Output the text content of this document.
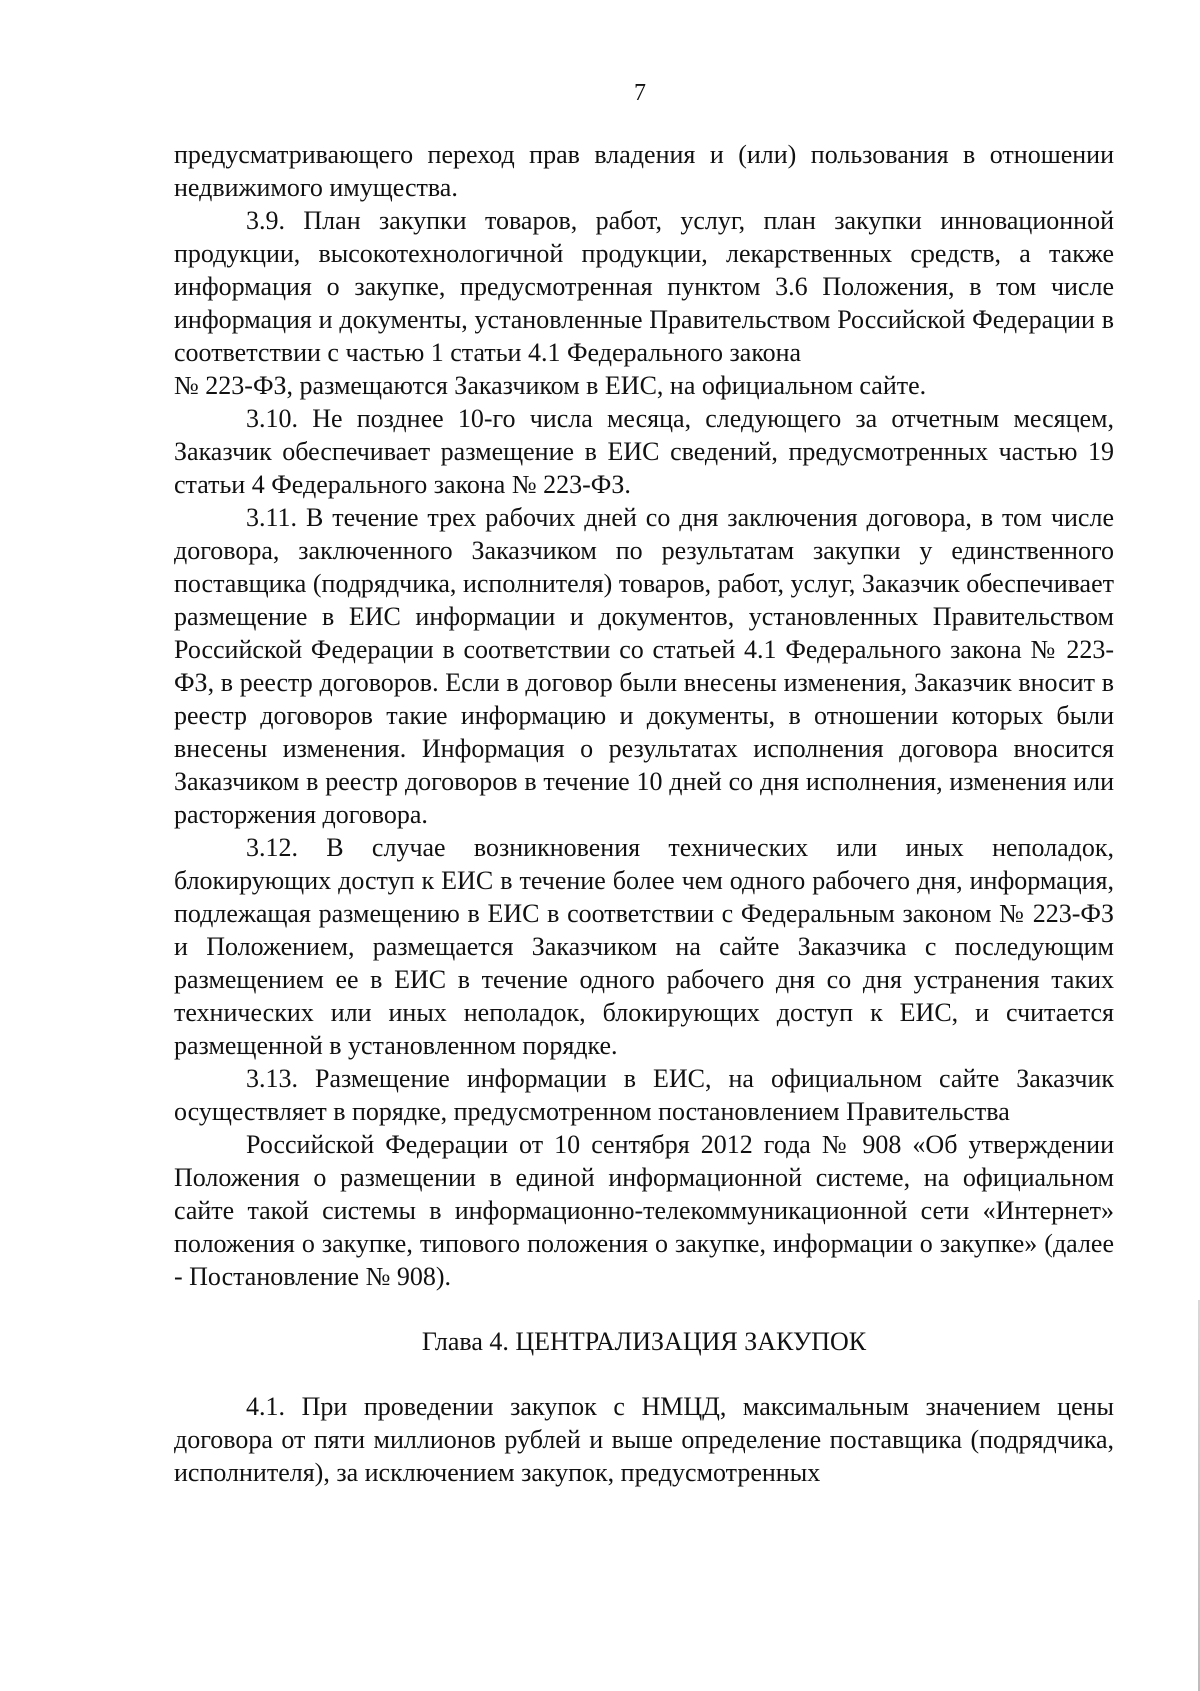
7

предусматривающего переход прав владения и (или) пользования в отношении недвижимого имущества.

3.9. План закупки товаров, работ, услуг, план закупки инновационной продукции, высокотехнологичной продукции, лекарственных средств, а также информация о закупке, предусмотренная пунктом 3.6 Положения, в том числе информация и документы, установленные Правительством Российской Федерации в соответствии с частью 1 статьи 4.1 Федерального закона

№ 223-ФЗ, размещаются Заказчиком в ЕИС, на официальном сайте.

3.10. Не позднее 10-го числа месяца, следующего за отчетным месяцем, Заказчик обеспечивает размещение в ЕИС сведений, предусмотренных частью 19 статьи 4 Федерального закона № 223-ФЗ.

3.11. В течение трех рабочих дней со дня заключения договора, в том числе договора, заключенного Заказчиком по результатам закупки у единственного поставщика (подрядчика, исполнителя) товаров, работ, услуг, Заказчик обеспечивает размещение в ЕИС информации и документов, установленных Правительством Российской Федерации в соответствии со статьей 4.1 Федерального закона № 223-ФЗ, в реестр договоров. Если в договор были внесены изменения, Заказчик вносит в реестр договоров такие информацию и документы, в отношении которых были внесены изменения. Информация о результатах исполнения договора вносится Заказчиком в реестр договоров в течение 10 дней со дня исполнения, изменения или расторжения договора.

3.12. В случае возникновения технических или иных неполадок, блокирующих доступ к ЕИС в течение более чем одного рабочего дня, информация, подлежащая размещению в ЕИС в соответствии с Федеральным законом № 223-ФЗ и Положением, размещается Заказчиком на сайте Заказчика с последующим размещением ее в ЕИС в течение одного рабочего дня со дня устранения таких технических или иных неполадок, блокирующих доступ к ЕИС, и считается размещенной в установленном порядке.

3.13. Размещение информации в ЕИС, на официальном сайте Заказчик осуществляет в порядке, предусмотренном постановлением Правительства

Российской Федерации от 10 сентября 2012 года № 908 «Об утверждении Положения о размещении в единой информационной системе, на официальном сайте такой системы в информационно-телекоммуникационной сети «Интернет» положения о закупке, типового положения о закупке, информации о закупке» (далее - Постановление № 908).

Глава 4. ЦЕНТРАЛИЗАЦИЯ ЗАКУПОК

4.1. При проведении закупок с НМЦД, максимальным значением цены договора от пяти миллионов рублей и выше определение поставщика (подрядчика, исполнителя), за исключением закупок, предусмотренных
